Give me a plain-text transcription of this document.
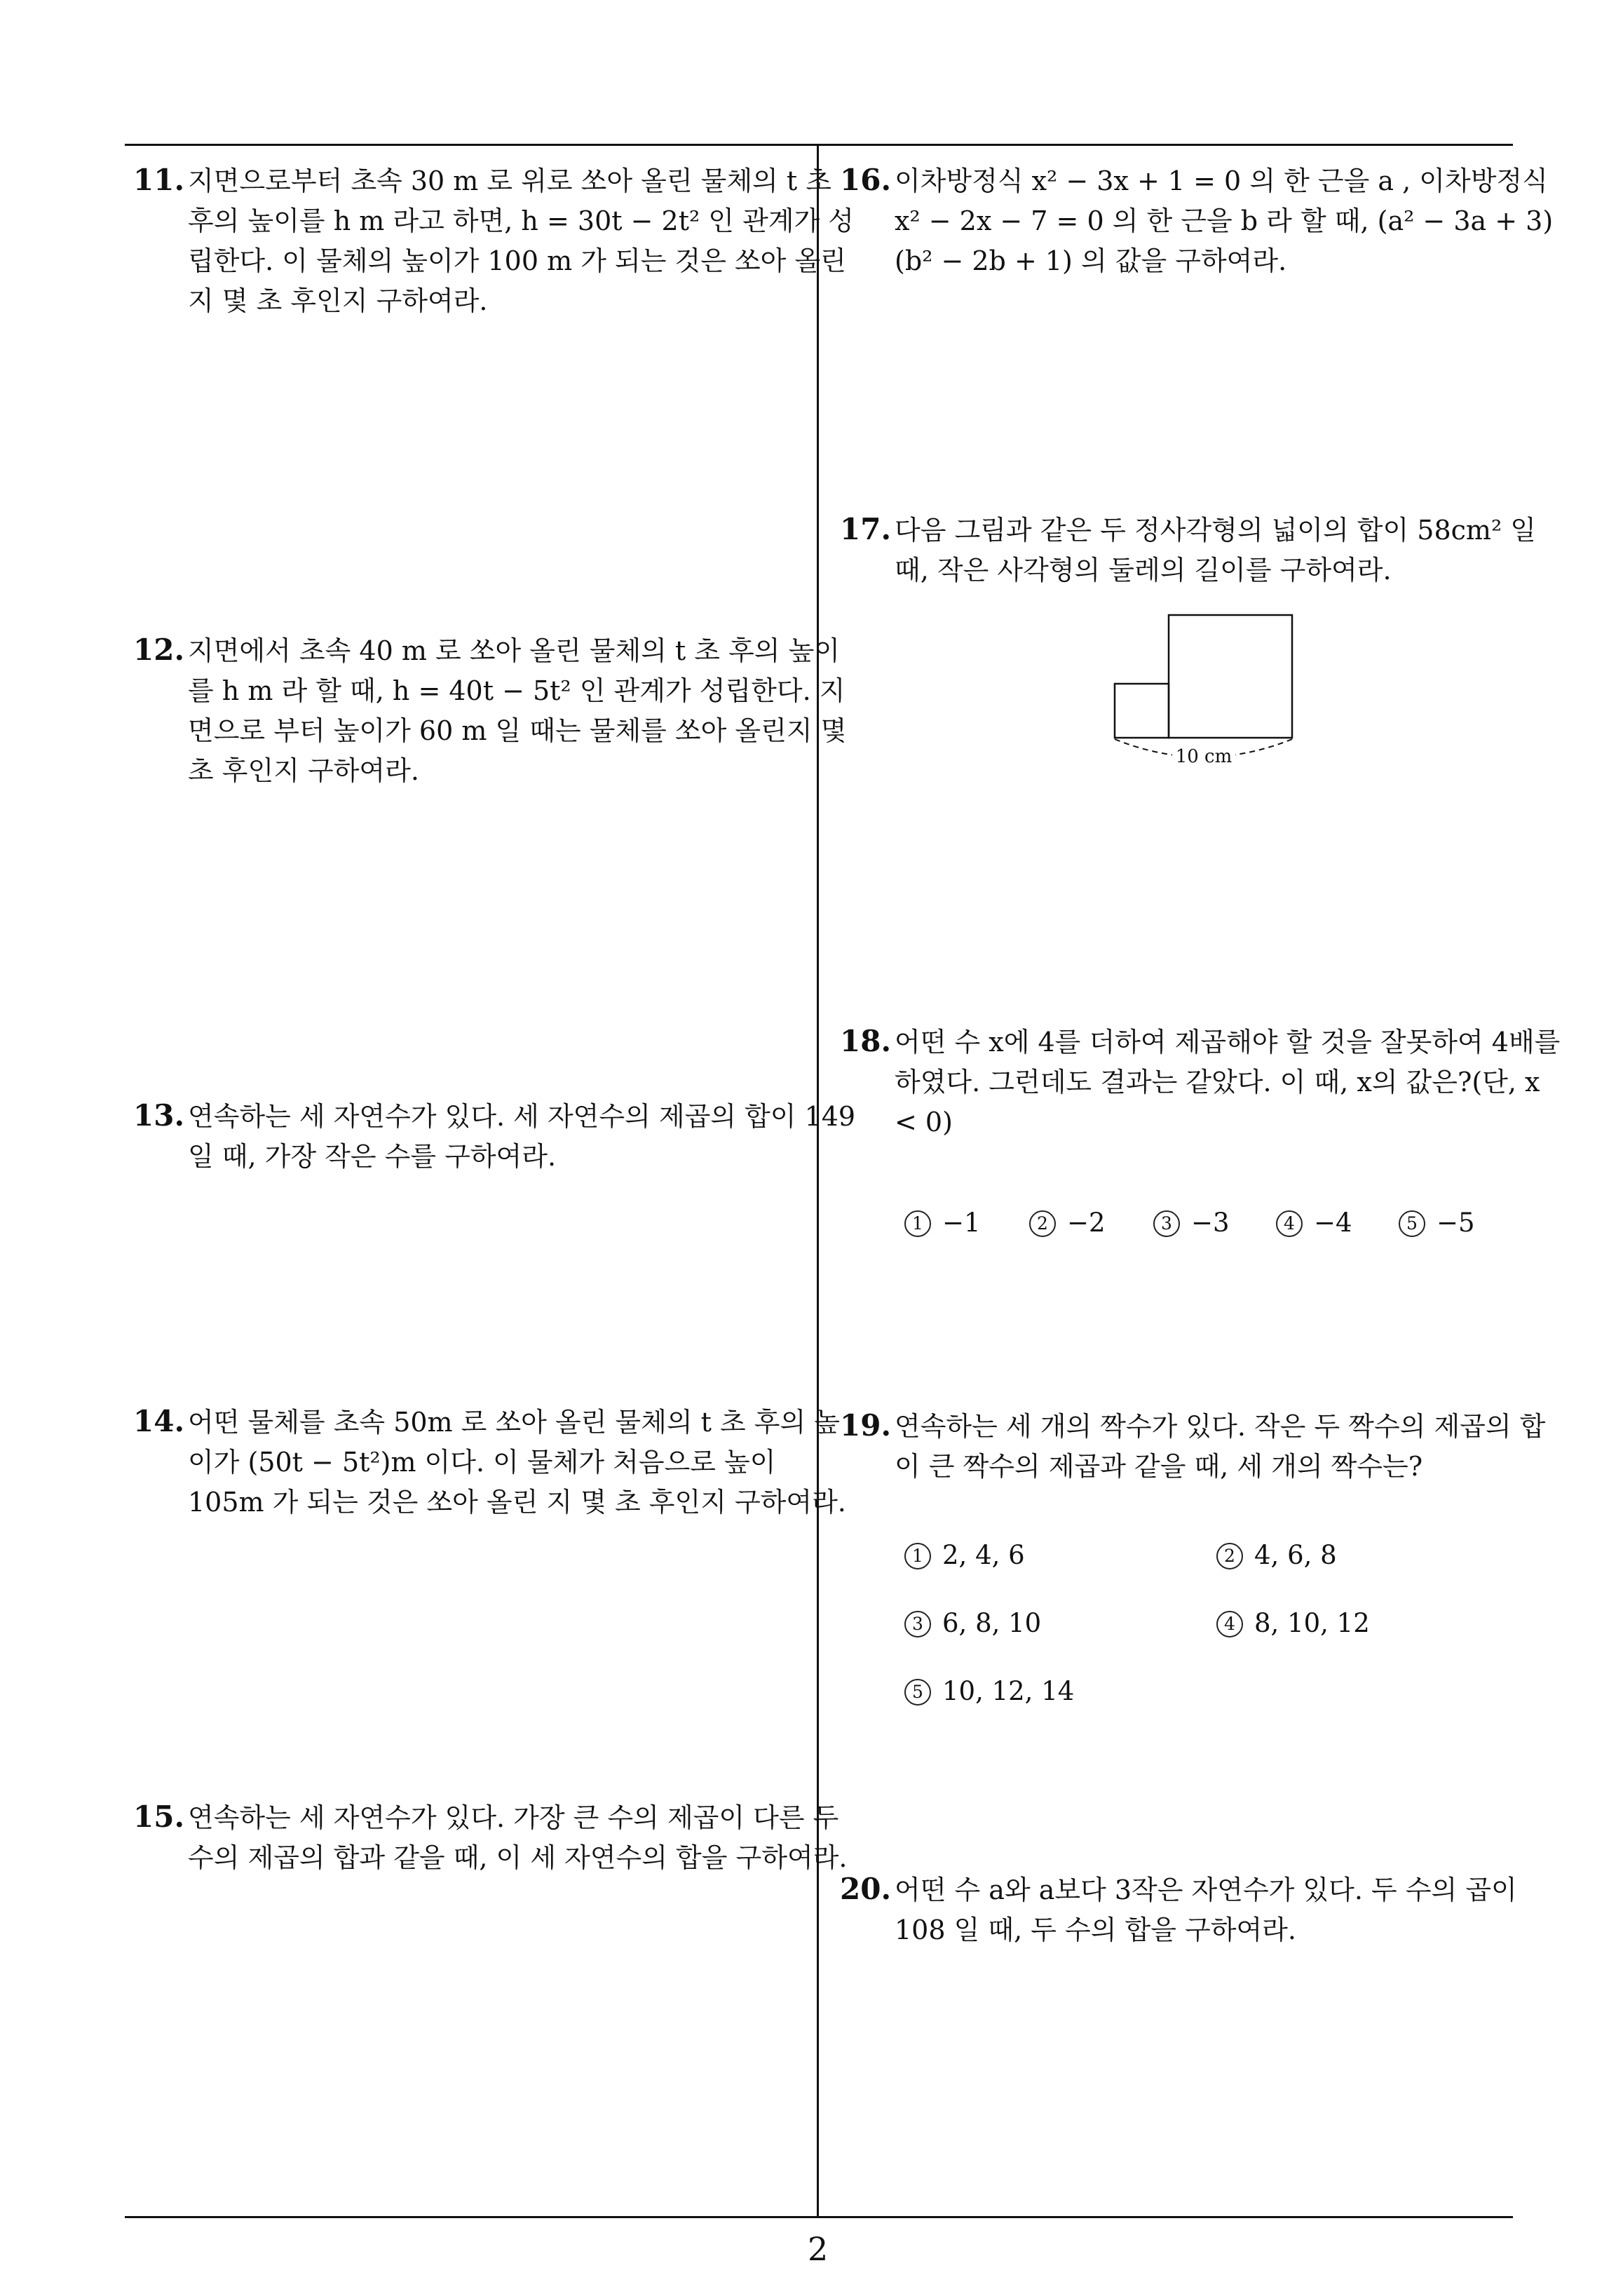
11. 지면으로부터 초속 30 m 로 위로 쏘아 올린 물체의 t 초 후의 높이를 h m 라고 하면, h = 30t − 2t² 인 관계가 성립한다. 이 물체의 높이가 100 m 가 되는 것은 쏘아 올린지 몇 초 후인지 구하여라.
12. 지면에서 초속 40 m 로 쏘아 올린 물체의 t 초 후의 높이를 h m 라 할 때, h = 40t − 5t² 인 관계가 성립한다. 지면으로 부터 높이가 60 m 일 때는 물체를 쏘아 올린지 몇 초 후인지 구하여라.
13. 연속하는 세 자연수가 있다. 세 자연수의 제곱의 합이 149 일 때, 가장 작은 수를 구하여라.
14. 어떤 물체를 초속 50m 로 쏘아 올린 물체의 t 초 후의 높이가 (50t − 5t²)m 이다. 이 물체가 처음으로 높이 105m 가 되는 것은 쏘아 올린 지 몇 초 후인지 구하여라.
15. 연속하는 세 자연수가 있다. 가장 큰 수의 제곱이 다른 두 수의 제곱의 합과 같을 때, 이 세 자연수의 합을 구하여라.
16. 이차방정식 x² − 3x + 1 = 0 의 한 근을 a , 이차방정식 x² − 2x − 7 = 0 의 한 근을 b 라 할 때, (a² − 3a + 3)(b² − 2b + 1) 의 값을 구하여라.
17. 다음 그림과 같은 두 정사각형의 넓이의 합이 58cm² 일 때, 작은 사각형의 둘레의 길이를 구하여라.
10 cm
18. 어떤 수 x에 4를 더하여 제곱해야 할 것을 잘못하여 4배를 하였다. 그런데도 결과는 같았다. 이 때, x의 값은?(단, x < 0)
1 −1	2 −2	3 −3	4 −4	5 −5
19. 연속하는 세 개의 짝수가 있다. 작은 두 짝수의 제곱의 합이 큰 짝수의 제곱과 같을 때, 세 개의 짝수는?
1 2, 4, 6	2 4, 6, 8
3 6, 8, 10	4 8, 10, 12
5 10, 12, 14
20. 어떤 수 a와 a보다 3작은 자연수가 있다. 두 수의 곱이 108 일 때, 두 수의 합을 구하여라.
2
